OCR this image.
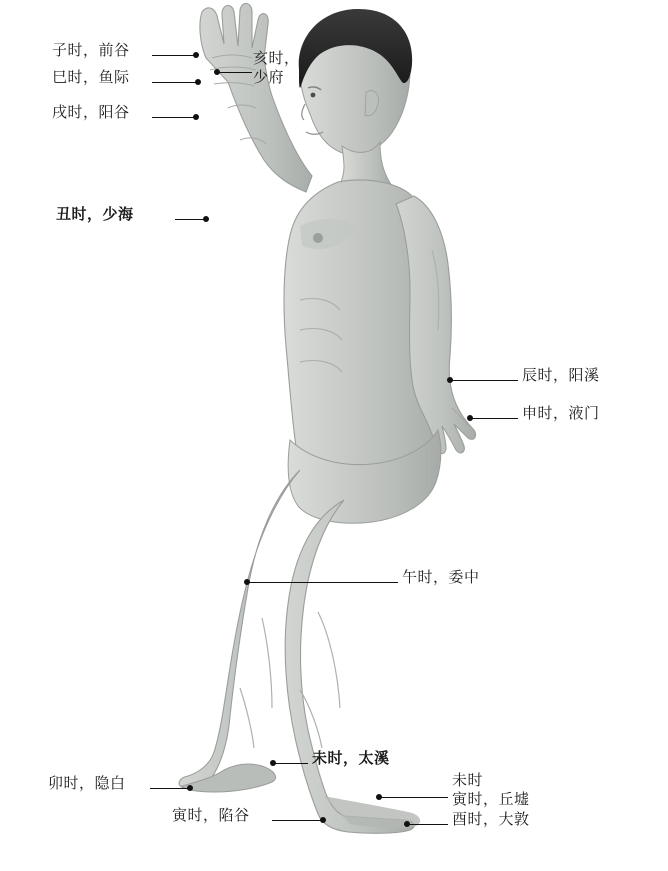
子时，前谷
巳时，鱼际
戌时，阳谷
亥时，
少府
丑时，少海
辰时，阳溪
申时，液门
午时，委中
未时，太溪
卯时，隐白	未时
寅时，丘墟
寅时，陷谷	酉时，大敦
